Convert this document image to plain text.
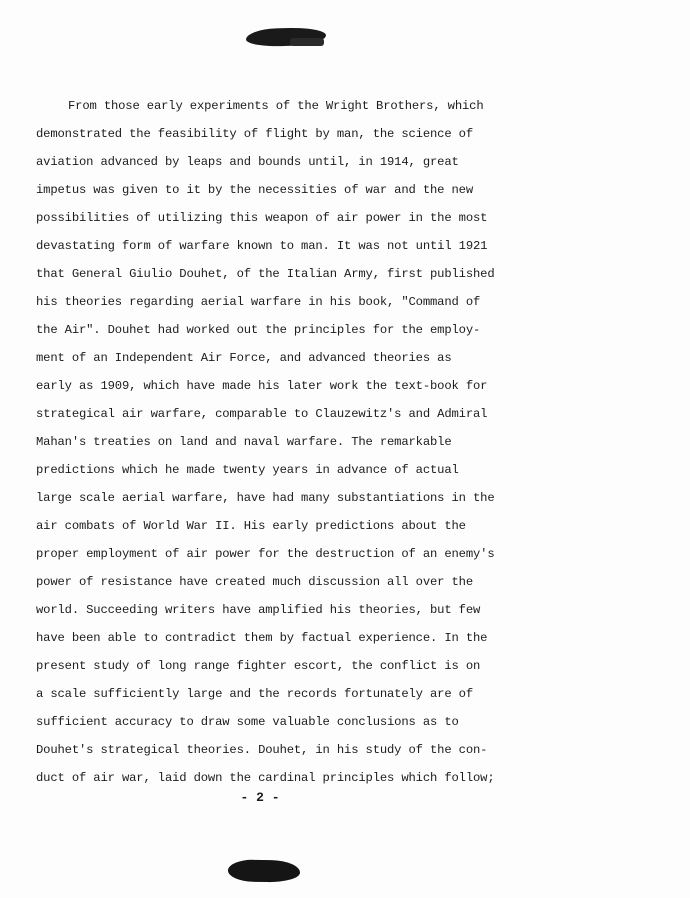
From those early experiments of the Wright Brothers, which
demonstrated the feasibility of flight by man, the science of
aviation advanced by leaps and bounds until, in 1914, great
impetus was given to it by the necessities of war and the new
possibilities of utilizing this weapon of air power in the most
devastating form of warfare known to man. It was not until 1921
that General Giulio Douhet, of the Italian Army, first published
his theories regarding aerial warfare in his book, "Command of
the Air". Douhet had worked out the principles for the employ-
ment of an Independent Air Force, and advanced theories as
early as 1909, which have made his later work the text-book for
strategical air warfare, comparable to Clauzewitz's and Admiral
Mahan's treaties on land and naval warfare. The remarkable
predictions which he made twenty years in advance of actual
large scale aerial warfare, have had many substantiations in the
air combats of World War II. His early predictions about the
proper employment of air power for the destruction of an enemy's
power of resistance have created much discussion all over the
world. Succeeding writers have amplified his theories, but few
have been able to contradict them by factual experience. In the
present study of long range fighter escort, the conflict is on
a scale sufficiently large and the records fortunately are of
sufficient accuracy to draw some valuable conclusions as to
Douhet's strategical theories. Douhet, in his study of the con-
duct of air war, laid down the cardinal principles which follow;
- 2 -
